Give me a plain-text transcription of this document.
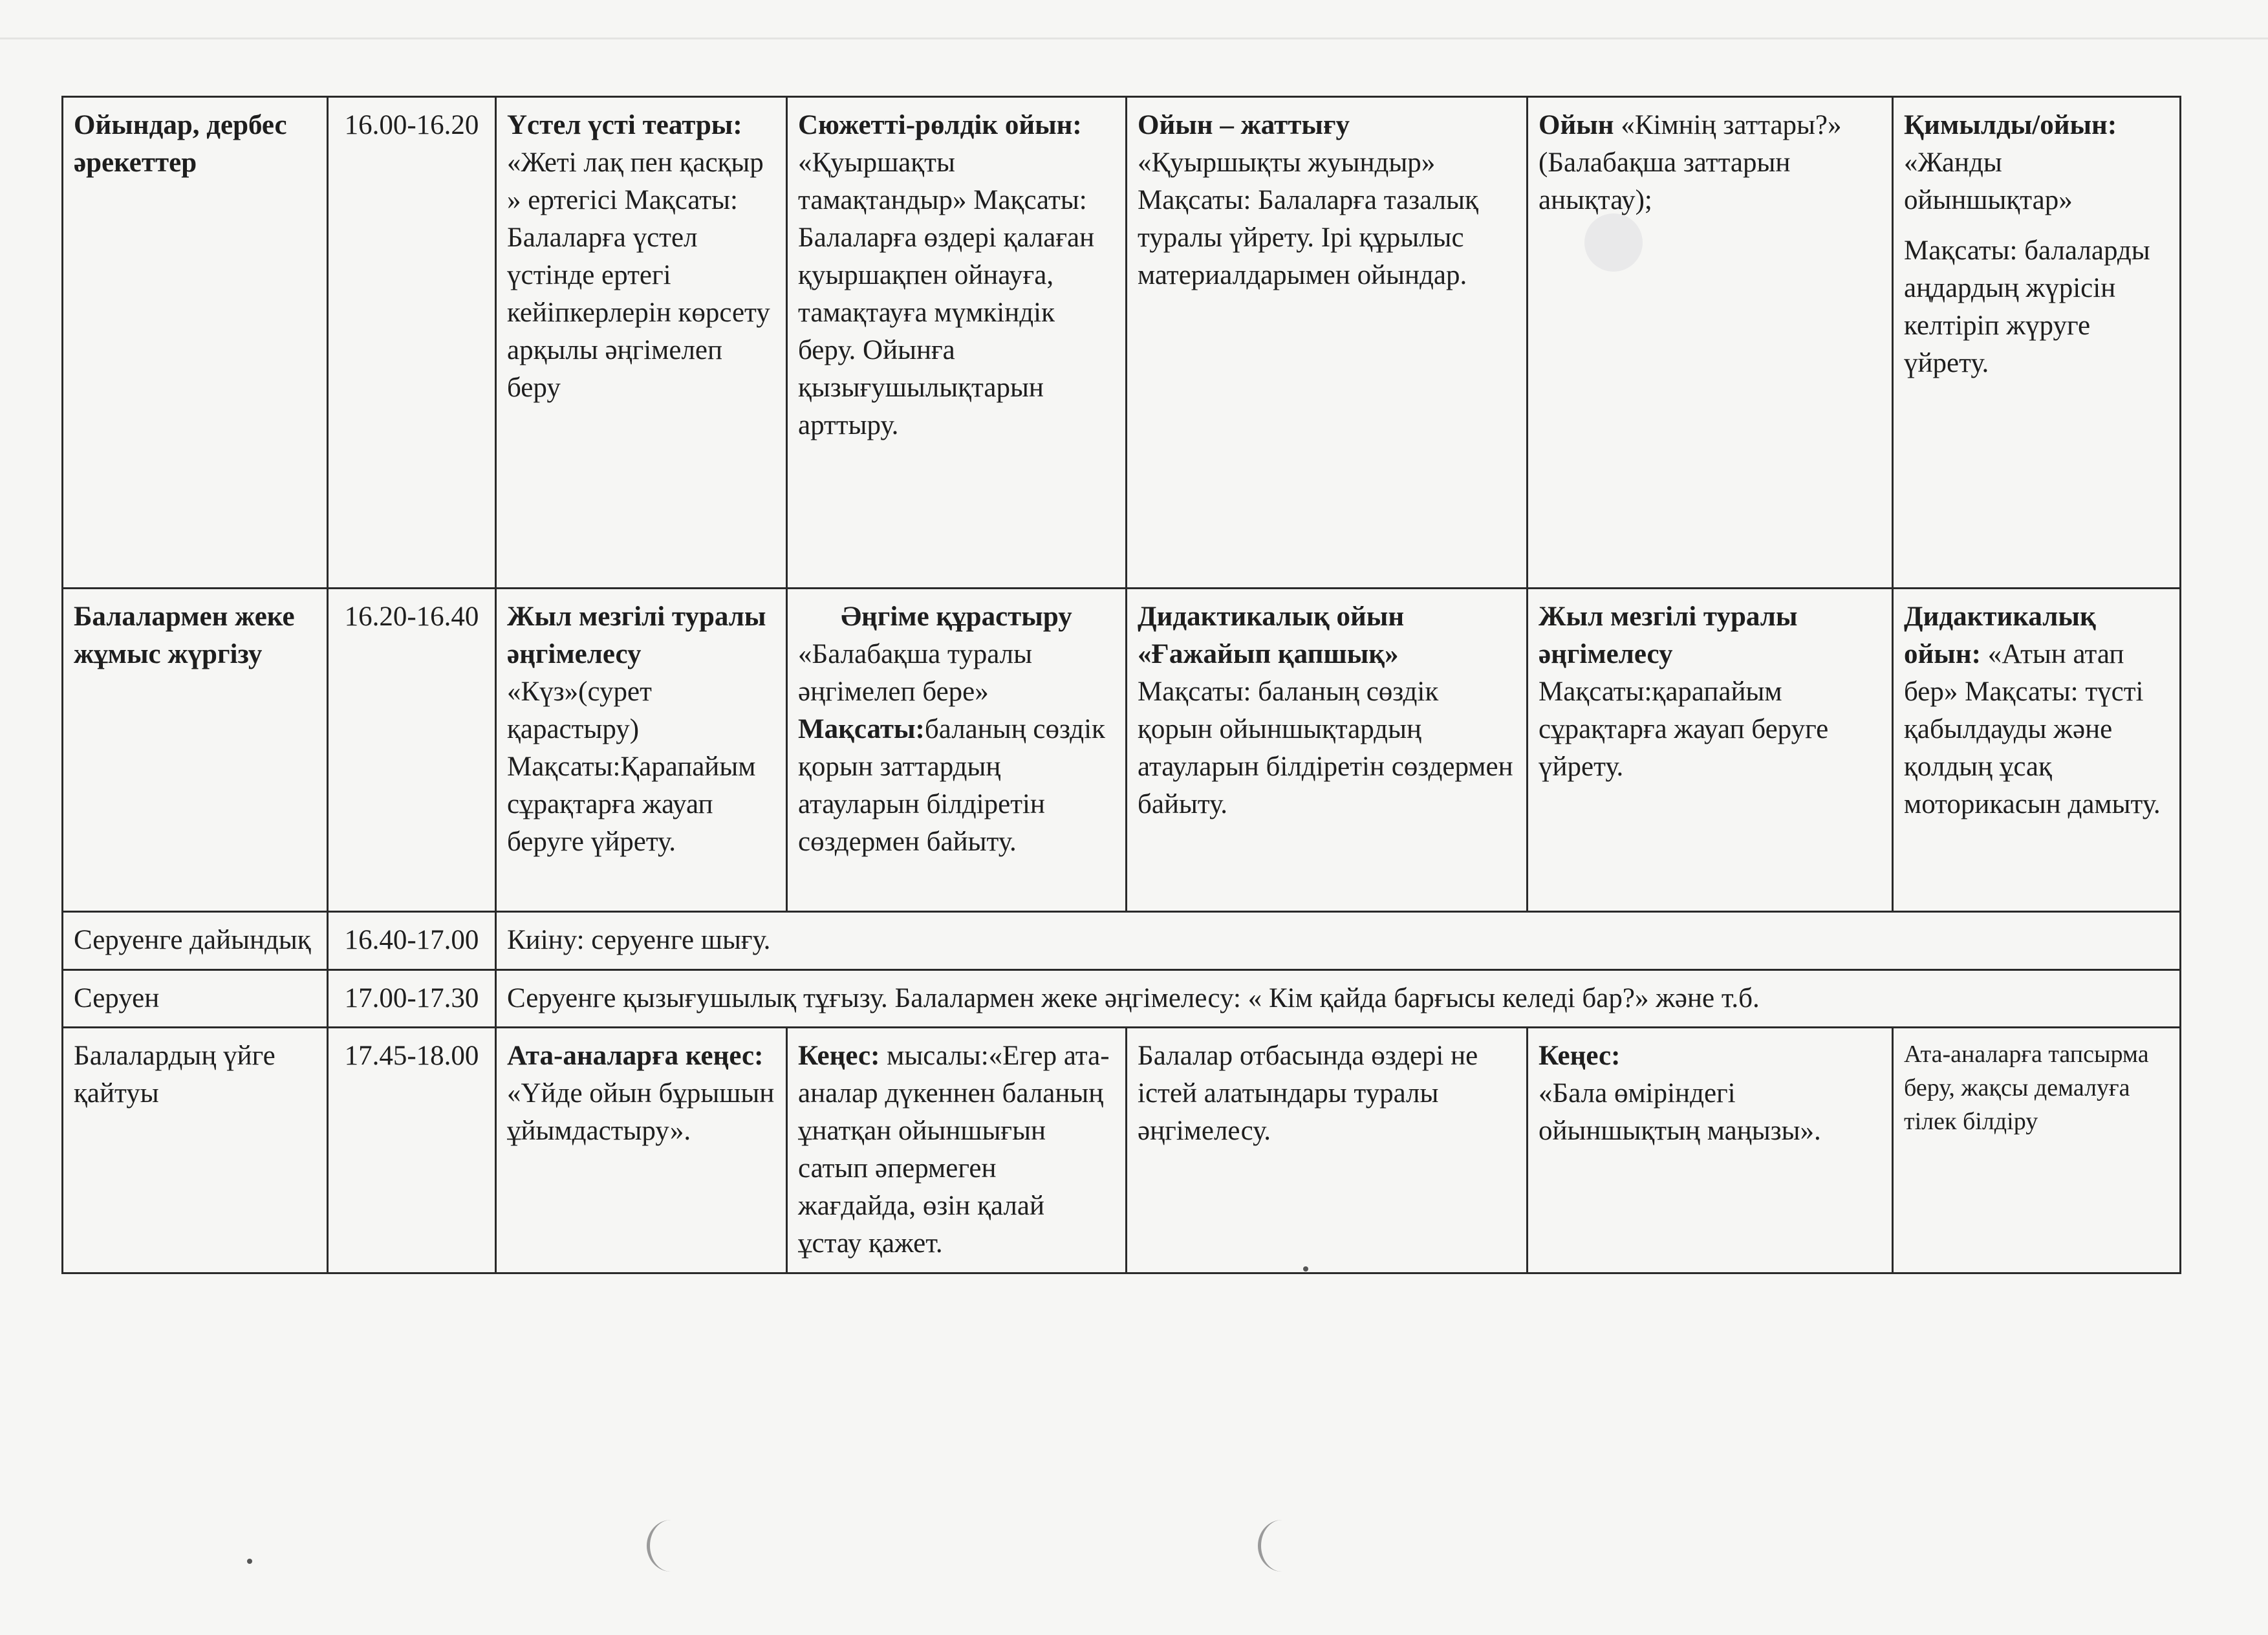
Ойындар, дербес әрекеттер	16.00-16.20	Үстел үсті театры:
«Жеті лақ пен қасқыр » ертегісі Мақсаты: Балаларға үстел үстінде ертегі кейіпкерлерін көрсету арқылы әңгімелеп беру	Сюжетті-рөлдік ойын:
«Қуыршақты тамақтандыр» Мақсаты: Балаларға өздері қалаған қуыршақпен ойнауға, тамақтауға мүмкіндік беру. Ойынға қызығушылықтарын арттыру.	Ойын – жаттығу
«Қуыршықты жуындыр» Мақсаты: Балаларға тазалық туралы үйрету. Ірі құрылыс материалдарымен ойындар.	Ойын «Кімнің заттары?» (Балабақша заттарын анықтау);	Қимылды/ойын:
«Жанды ойыншықтар»
Мақсаты: балаларды аңдардың жүрісін келтіріп жүруге үйрету.
Балалармен жеке жұмыс жүргізу	16.20-16.40	Жыл мезгілі туралы әңгімелесу
«Күз»(сурет қарастыру) Мақсаты:Қарапайым сұрақтарға жауап беруге үйрету.	Әңгіме құрастыру
«Балабақша туралы әңгімелеп бере»
Мақсаты:баланың сөздік қорын заттардың атауларын білдіретін сөздермен байыту.	Дидактикалық ойын «Ғажайып қапшық»
Мақсаты: баланың сөздік қорын ойыншықтардың атауларын білдіретін сөздермен байыту.	Жыл мезгілі туралы әңгімелесу
Мақсаты:қарапайым сұрақтарға жауап беруге үйрету.	Дидактикалық ойын: «Атын атап бер» Мақсаты: түсті қабылдауды және қолдың ұсақ моторикасын дамыту.
Серуенге дайындық	16.40-17.00	Киіну: серуенге шығу.				
Серуен	17.00-17.30	Серуенге қызығушылық тұғызу. Балалармен жеке әңгімелесу: « Кім қайда барғысы келеді бар?» және т.б.				
Балалардың үйге қайтуы	17.45-18.00	Ата-аналарға кеңес:
«Үйде ойын бұрышын ұйымдастыру».	Кеңес: мысалы:«Егер ата-аналар дүкеннен баланың ұнатқан ойыншығын сатып әпермеген жағдайда, өзін қалай ұстау қажет.	Балалар отбасында өздері не істей алатындары туралы әңгімелесу.	Кеңес:
«Бала өміріндегі ойыншықтың маңызы».	Ата-аналарға тапсырма беру, жақсы демалуға тілек білдіру
